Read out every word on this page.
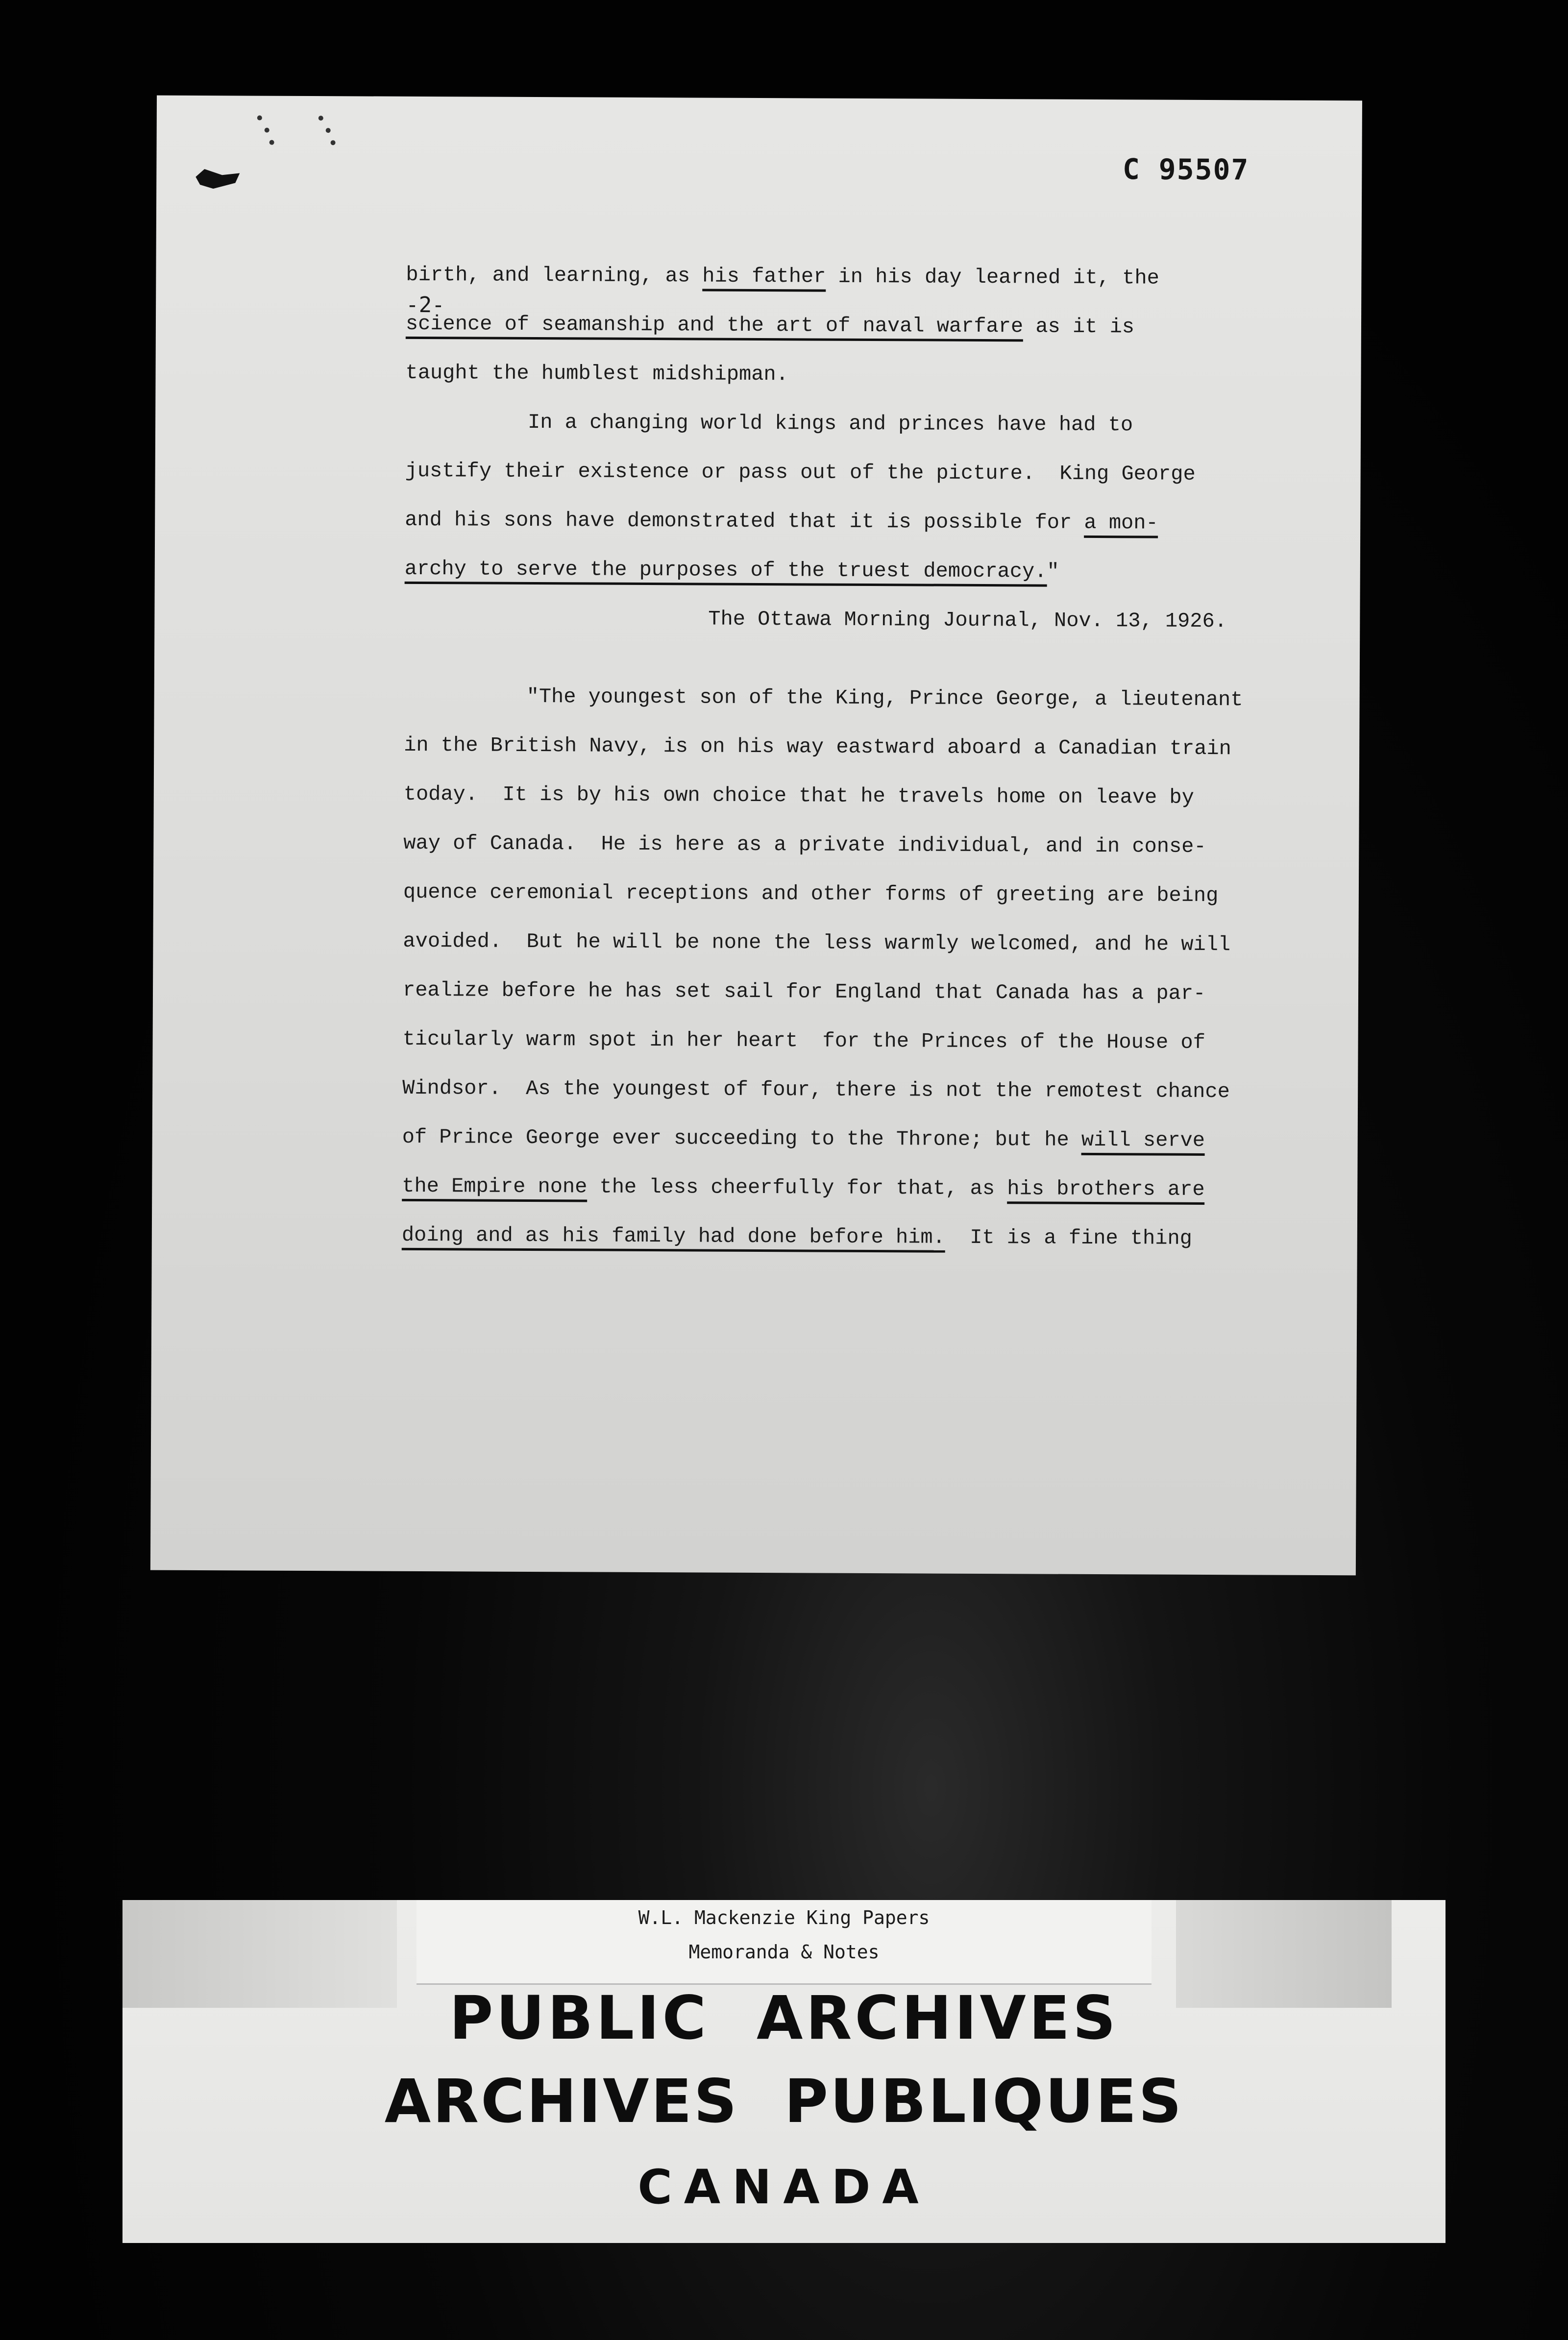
C 95507
-2-
birth, and learning, as his father in his day learned it, the
science of seamanship and the art of naval warfare as it is
taught the humblest midshipman.
In a changing world kings and princes have had to
justify their existence or pass out of the picture.  King George
and his sons have demonstrated that it is possible for a mon-
archy to serve the purposes of the truest democracy."
The Ottawa Morning Journal, Nov. 13, 1926.
"The youngest son of the King, Prince George, a lieutenant
in the British Navy, is on his way eastward aboard a Canadian train
today.  It is by his own choice that he travels home on leave by
way of Canada.  He is here as a private individual, and in conse-
quence ceremonial receptions and other forms of greeting are being
avoided.  But he will be none the less warmly welcomed, and he will
realize before he has set sail for England that Canada has a par-
ticularly warm spot in her heart  for the Princes of the House of
Windsor.  As the youngest of four, there is not the remotest chance
of Prince George ever succeeding to the Throne; but he will serve
the Empire none the less cheerfully for that, as his brothers are
doing and as his family had done before him.  It is a fine thing
W.L. Mackenzie King Papers
Memoranda & Notes
PUBLIC  ARCHIVES
ARCHIVES  PUBLIQUES
CANADA
